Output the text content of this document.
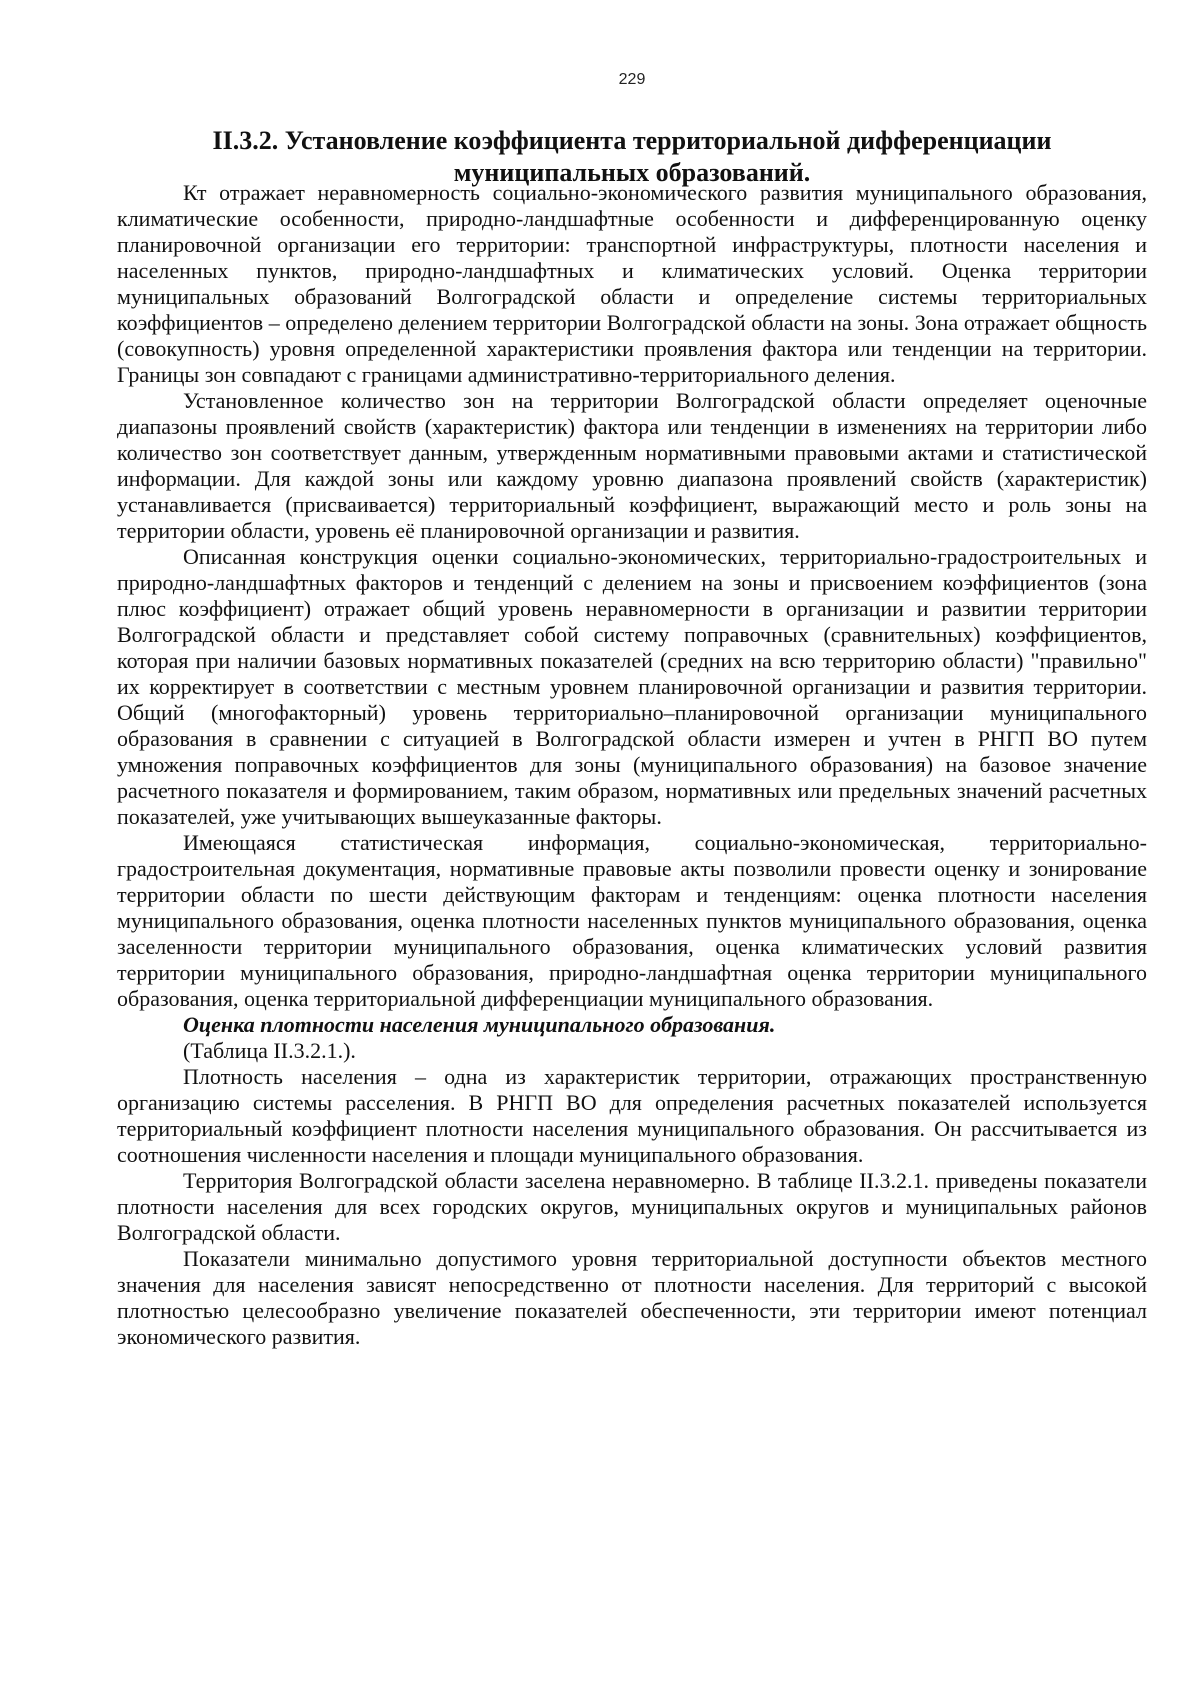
229
II.3.2. Установление коэффициента территориальной дифференциации
муниципальных образований.

Кт отражает неравномерность социально-экономического развития муниципального образования, климатические особенности, природно-ландшафтные особенности и дифференцированную оценку планировочной организации его территории: транспортной инфраструктуры, плотности населения и населенных пунктов, природно-ландшафтных и климатических условий. Оценка территории муниципальных образований Волгоградской области и определение системы территориальных коэффициентов – определено делением территории Волгоградской области на зоны. Зона отражает общность (совокупность) уровня определенной характеристики проявления фактора или тенденции на территории. Границы зон совпадают с границами административно-территориального деления.

Установленное количество зон на территории Волгоградской области определяет оценочные диапазоны проявлений свойств (характеристик) фактора или тенденции в изменениях на территории либо количество зон соответствует данным, утвержденным нормативными правовыми актами и статистической информации. Для каждой зоны или каждому уровню диапазона проявлений свойств (характеристик) устанавливается (присваивается) территориальный коэффициент, выражающий место и роль зоны на территории области, уровень её планировочной организации и развития.

Описанная конструкция оценки социально-экономических, территориально-градостроительных и природно-ландшафтных факторов и тенденций с делением на зоны и присвоением коэффициентов (зона плюс коэффициент) отражает общий уровень неравномерности в организации и развитии территории Волгоградской области и представляет собой систему поправочных (сравнительных) коэффициентов, которая при наличии базовых нормативных показателей (средних на всю территорию области) "правильно" их корректирует в соответствии с местным уровнем планировочной организации и развития территории. Общий (многофакторный) уровень территориально–планировочной организации муниципального образования в сравнении с ситуацией в Волгоградской области измерен и учтен в РНГП ВО путем умножения поправочных коэффициентов для зоны (муниципального образования) на базовое значение расчетного показателя и формированием, таким образом, нормативных или предельных значений расчетных показателей, уже учитывающих вышеуказанные факторы.

Имеющаяся статистическая информация, социально-экономическая, территориально-градостроительная документация, нормативные правовые акты позволили провести оценку и зонирование территории области по шести действующим факторам и тенденциям: оценка плотности населения муниципального образования, оценка плотности населенных пунктов муниципального образования, оценка заселенности территории муниципального образования, оценка климатических условий развития территории муниципального образования, природно-ландшафтная оценка территории муниципального образования, оценка территориальной дифференциации муниципального образования.

Оценка плотности населения муниципального образования.

(Таблица II.3.2.1.).

Плотность населения – одна из характеристик территории, отражающих пространственную организацию системы расселения. В РНГП ВО для определения расчетных показателей используется территориальный коэффициент плотности населения муниципального образования. Он рассчитывается из соотношения численности населения и площади муниципального образования.

Территория Волгоградской области заселена неравномерно. В таблице II.3.2.1. приведены показатели плотности населения для всех городских округов, муниципальных округов и муниципальных районов Волгоградской области.

Показатели минимально допустимого уровня территориальной доступности объектов местного значения для населения зависят непосредственно от плотности населения. Для территорий с высокой плотностью целесообразно увеличение показателей обеспеченности, эти территории имеют потенциал экономического развития.
